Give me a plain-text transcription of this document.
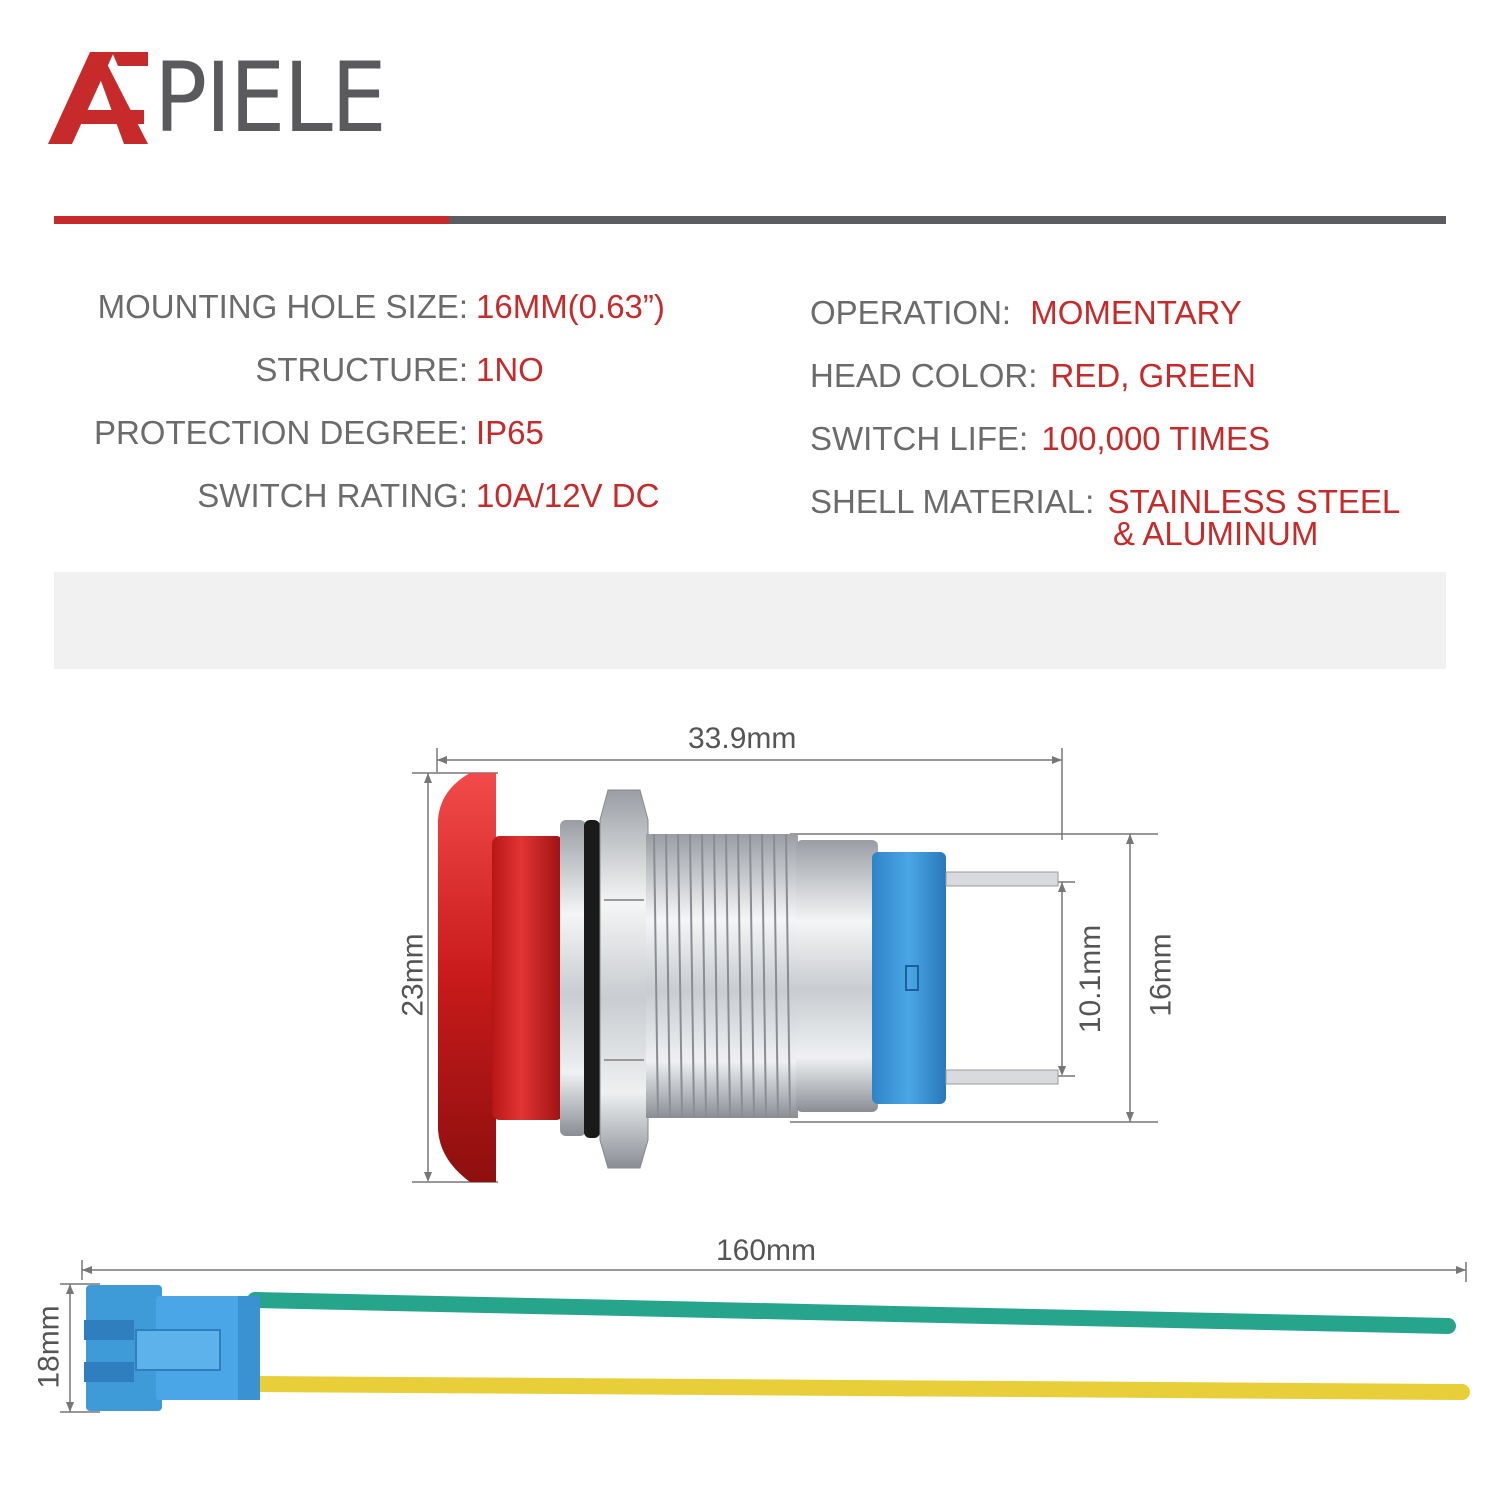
PIELE
MOUNTING HOLE SIZE:
STRUCTURE:
PROTECTION DEGREE:
SWITCH RATING:
16MM(0.63”)
1NO
IP65
10A/12V DC
OPERATION: MOMENTARY
HEAD COLOR: RED, GREEN
SWITCH LIFE: 100,000 TIMES
SHELL MATERIAL: STAINLESS STEEL
& ALUMINUM
33.9mm
23mm	10.1mm 16mm
160mm
18mm
